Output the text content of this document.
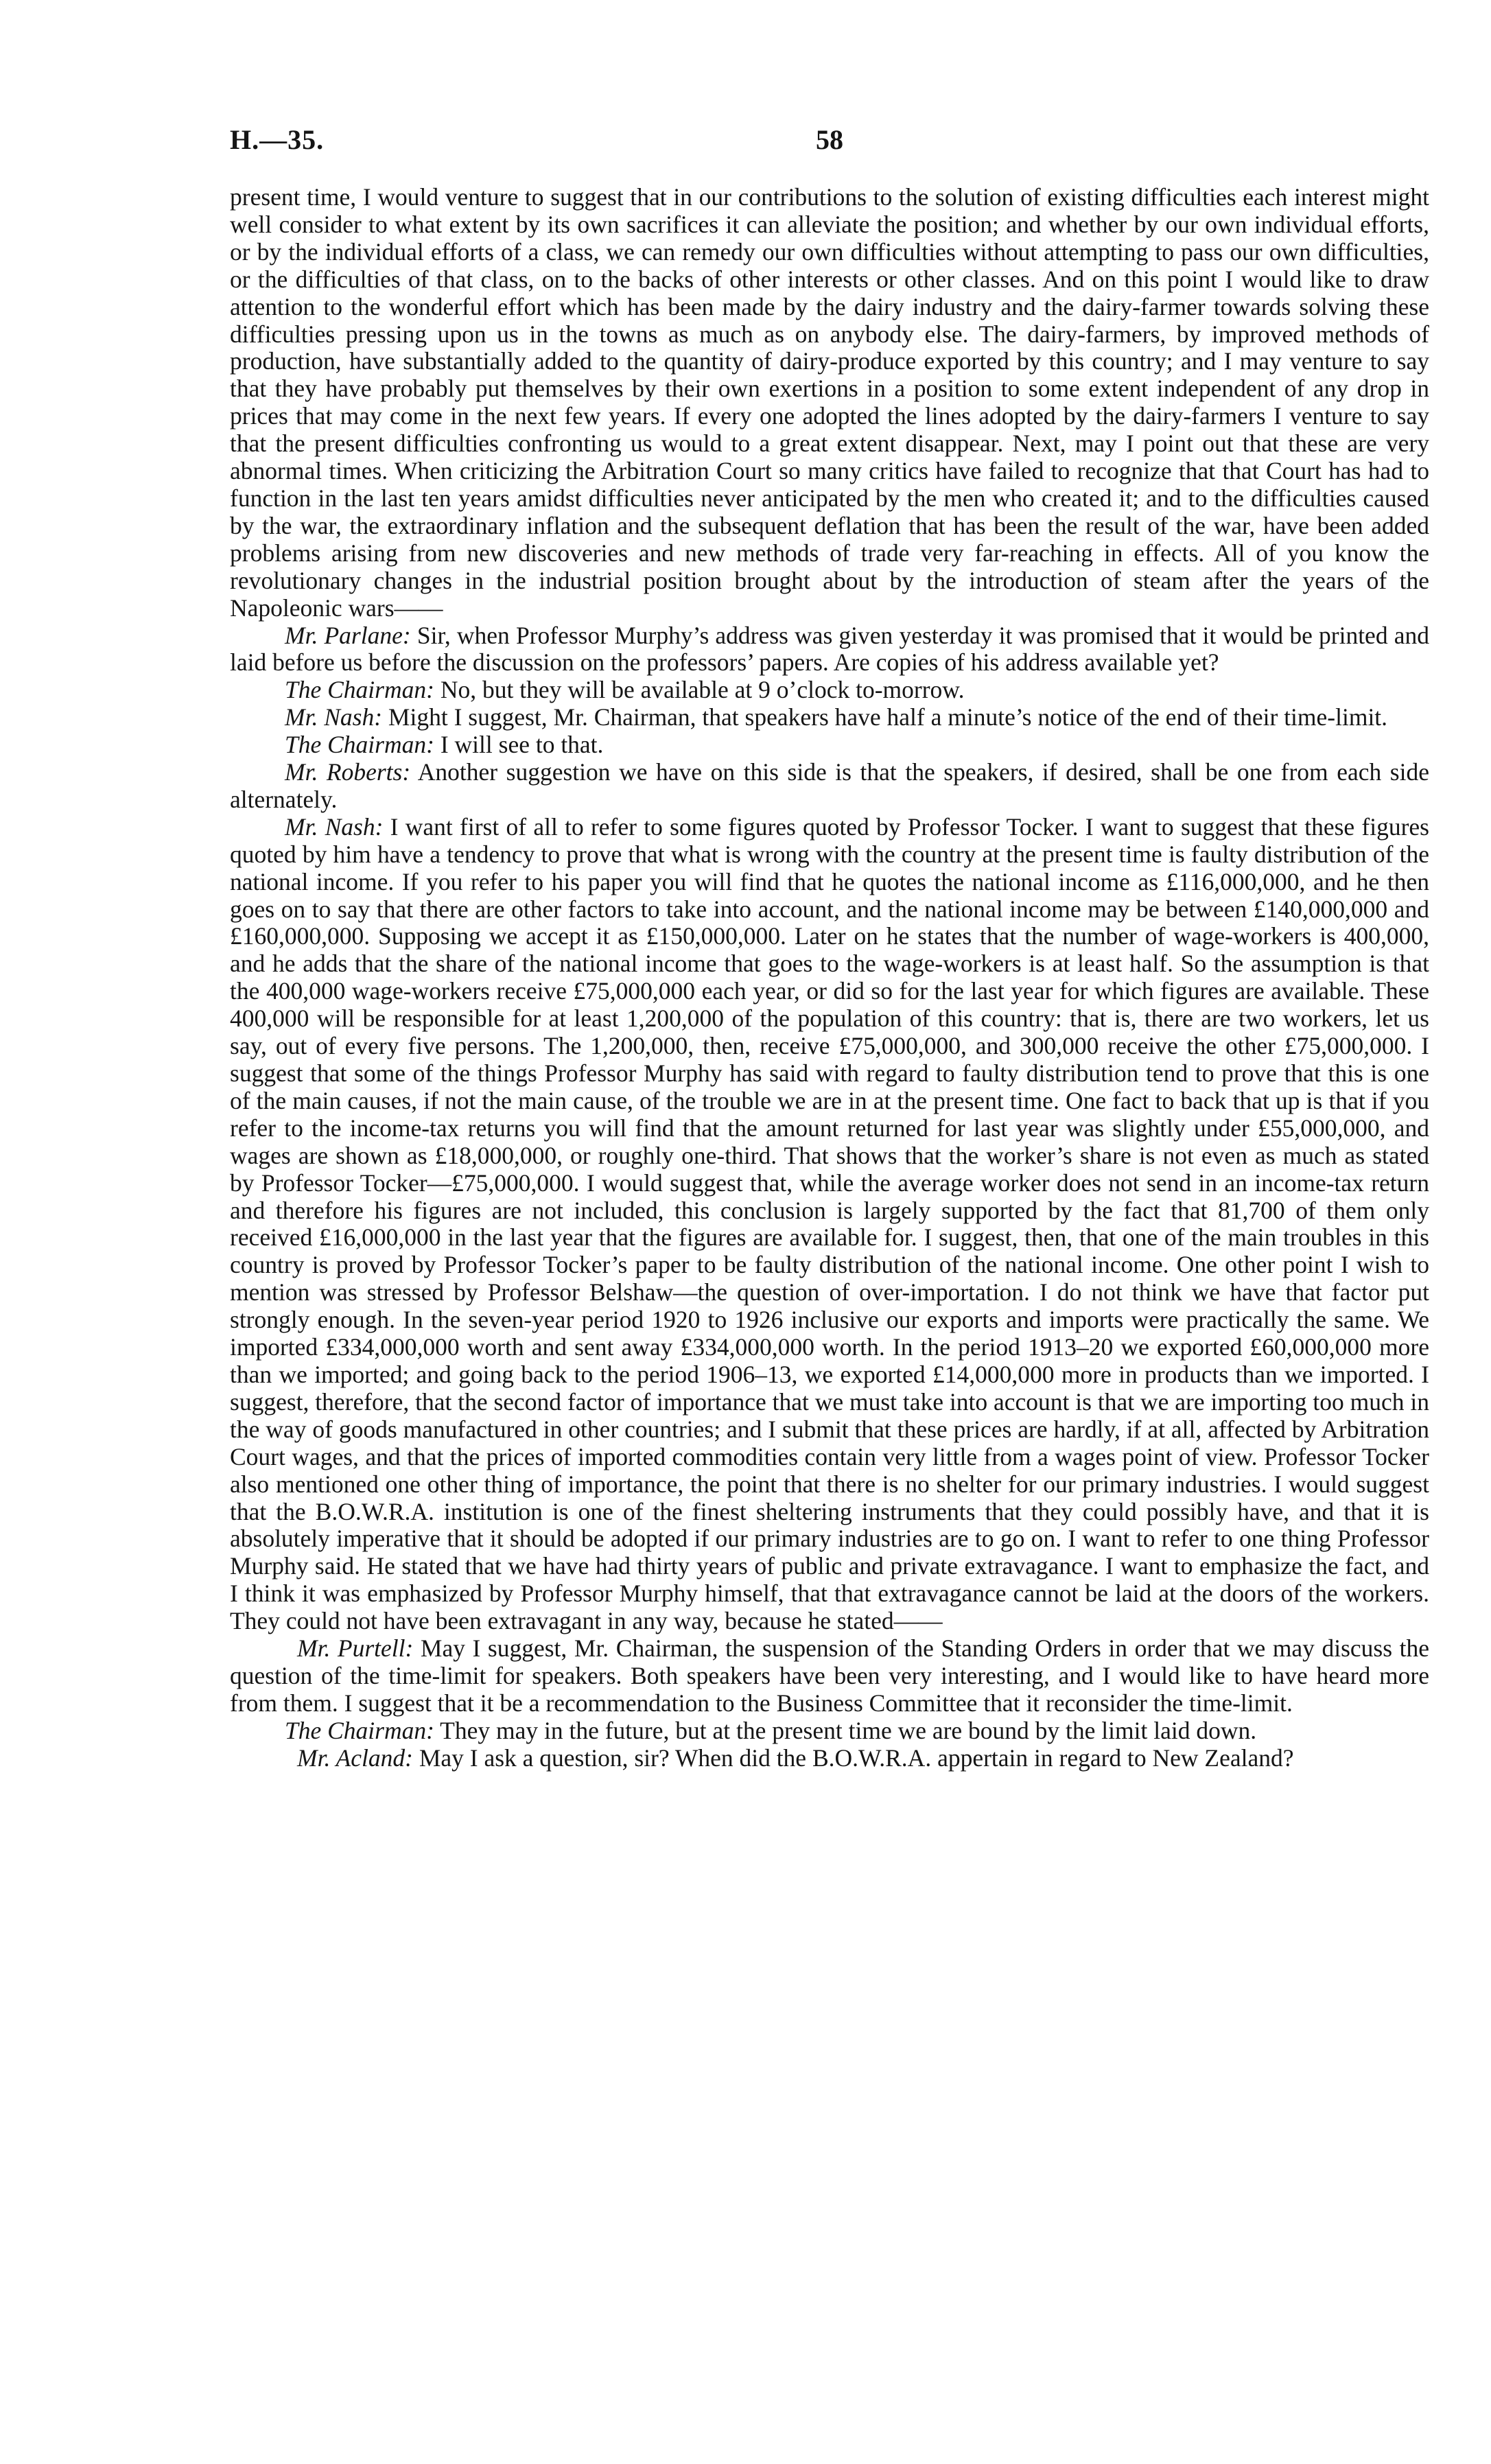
H.—35.	58

present time, I would venture to suggest that in our contributions to the solution of existing difficulties each interest might well consider to what extent by its own sacrifices it can alleviate the position; and whether by our own individual efforts, or by the individual efforts of a class, we can remedy our own difficulties without attempting to pass our own difficulties, or the difficulties of that class, on to the backs of other interests or other classes. And on this point I would like to draw attention to the wonderful effort which has been made by the dairy industry and the dairy-farmer towards solving these difficulties pressing upon us in the towns as much as on anybody else. The dairy-farmers, by improved methods of production, have substantially added to the quantity of dairy-produce exported by this country; and I may venture to say that they have probably put themselves by their own exertions in a position to some extent independent of any drop in prices that may come in the next few years. If every one adopted the lines adopted by the dairy-farmers I venture to say that the present difficulties confronting us would to a great extent disappear. Next, may I point out that these are very abnormal times. When criticizing the Arbitration Court so many critics have failed to recognize that that Court has had to function in the last ten years amidst difficulties never anticipated by the men who created it; and to the difficulties caused by the war, the extraordinary inflation and the subsequent deflation that has been the result of the war, have been added problems arising from new discoveries and new methods of trade very far-reaching in effects. All of you know the revolutionary changes in the industrial position brought about by the introduction of steam after the years of the Napoleonic wars——

Mr. Parlane: Sir, when Professor Murphy’s address was given yesterday it was promised that it would be printed and laid before us before the discussion on the professors’ papers. Are copies of his address available yet?

The Chairman: No, but they will be available at 9 o’clock to-morrow.

Mr. Nash: Might I suggest, Mr. Chairman, that speakers have half a minute’s notice of the end of their time-limit.

The Chairman: I will see to that.

Mr. Roberts: Another suggestion we have on this side is that the speakers, if desired, shall be one from each side alternately.

Mr. Nash: I want first of all to refer to some figures quoted by Professor Tocker. I want to suggest that these figures quoted by him have a tendency to prove that what is wrong with the country at the present time is faulty distribution of the national income. If you refer to his paper you will find that he quotes the national income as £116,000,000, and he then goes on to say that there are other factors to take into account, and the national income may be between £140,000,000 and £160,000,000. Supposing we accept it as £150,000,000. Later on he states that the number of wage-workers is 400,000, and he adds that the share of the national income that goes to the wage-workers is at least half. So the assumption is that the 400,000 wage-workers receive £75,000,000 each year, or did so for the last year for which figures are available. These 400,000 will be responsible for at least 1,200,000 of the population of this country: that is, there are two workers, let us say, out of every five persons. The 1,200,000, then, receive £75,000,000, and 300,000 receive the other £75,000,000. I suggest that some of the things Professor Murphy has said with regard to faulty distribution tend to prove that this is one of the main causes, if not the main cause, of the trouble we are in at the present time. One fact to back that up is that if you refer to the income-tax returns you will find that the amount returned for last year was slightly under £55,000,000, and wages are shown as £18,000,000, or roughly one-third. That shows that the worker’s share is not even as much as stated by Professor Tocker—£75,000,000. I would suggest that, while the average worker does not send in an income-tax return and therefore his figures are not included, this conclusion is largely supported by the fact that 81,700 of them only received £16,000,000 in the last year that the figures are available for. I suggest, then, that one of the main troubles in this country is proved by Professor Tocker’s paper to be faulty distribution of the national income. One other point I wish to mention was stressed by Professor Belshaw—the question of over-importation. I do not think we have that factor put strongly enough. In the seven-year period 1920 to 1926 inclusive our exports and imports were practically the same. We imported £334,000,000 worth and sent away £334,000,000 worth. In the period 1913–20 we exported £60,000,000 more than we imported; and going back to the period 1906–13, we exported £14,000,000 more in products than we imported. I suggest, therefore, that the second factor of importance that we must take into account is that we are importing too much in the way of goods manufactured in other countries; and I submit that these prices are hardly, if at all, affected by Arbitration Court wages, and that the prices of imported commodities contain very little from a wages point of view. Professor Tocker also mentioned one other thing of importance, the point that there is no shelter for our primary industries. I would suggest that the B.O.W.R.A. institution is one of the finest sheltering instruments that they could possibly have, and that it is absolutely imperative that it should be adopted if our primary industries are to go on. I want to refer to one thing Professor Murphy said. He stated that we have had thirty years of public and private extravagance. I want to emphasize the fact, and I think it was emphasized by Professor Murphy himself, that that extravagance cannot be laid at the doors of the workers. They could not have been extravagant in any way, because he stated——

Mr. Purtell: May I suggest, Mr. Chairman, the suspension of the Standing Orders in order that we may discuss the question of the time-limit for speakers. Both speakers have been very interesting, and I would like to have heard more from them. I suggest that it be a recommendation to the Business Committee that it reconsider the time-limit.

The Chairman: They may in the future, but at the present time we are bound by the limit laid down.

Mr. Acland: May I ask a question, sir? When did the B.O.W.R.A. appertain in regard to New Zealand?
